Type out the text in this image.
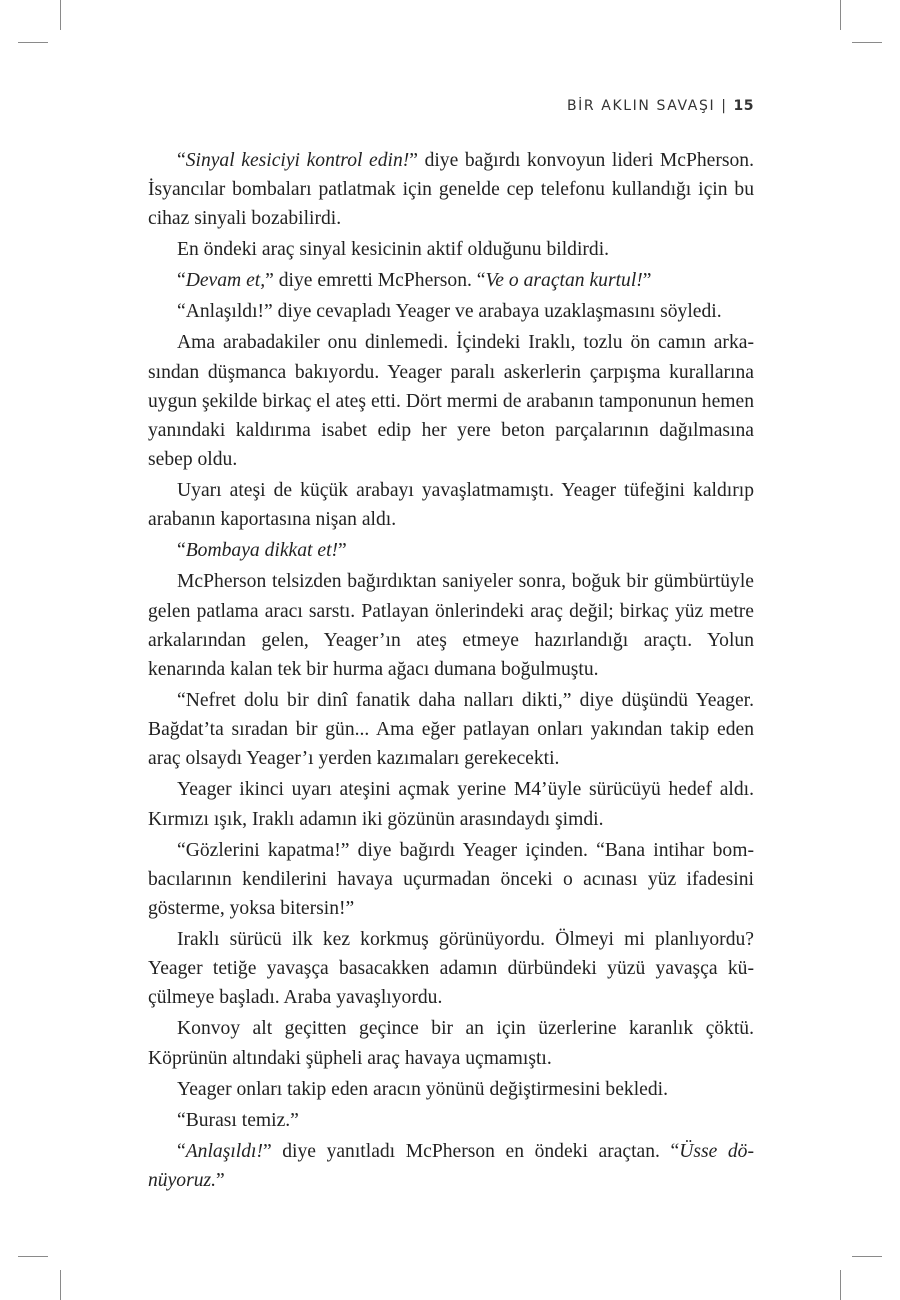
BİR AKLIN SAVAŞI | 15

“Sinyal kesiciyi kontrol edin!” diye bağırdı konvoyun lideri McPherson. İsyancılar bombaları patlatmak için genelde cep telefonu kullandığı için bu cihaz sinyali bozabilirdi.

En öndeki araç sinyal kesicinin aktif olduğunu bildirdi.

“Devam et,” diye emretti McPherson. “Ve o araçtan kurtul!”

“Anlaşıldı!” diye cevapladı Yeager ve arabaya uzaklaşmasını söyledi.

Ama arabadakiler onu dinlemedi. İçindeki Iraklı, tozlu ön camın arkasından düşmanca bakıyordu. Yeager paralı askerlerin çarpışma kurallarına uygun şekilde birkaç el ateş etti. Dört mermi de arabanın tamponunun hemen yanındaki kaldırıma isabet edip her yere beton parçalarının dağılmasına sebep oldu.

Uyarı ateşi de küçük arabayı yavaşlatmamıştı. Yeager tüfeğini kaldırıp arabanın kaportasına nişan aldı.

“Bombaya dikkat et!”

McPherson telsizden bağırdıktan saniyeler sonra, boğuk bir gümbürtüyle gelen patlama aracı sarstı. Patlayan önlerindeki araç değil; birkaç yüz metre arkalarından gelen, Yeager’ın ateş etmeye hazırlandığı araçtı. Yolun kenarında kalan tek bir hurma ağacı dumana boğulmuştu.

“Nefret dolu bir dinî fanatik daha nalları dikti,” diye düşündü Yeager. Bağdat’ta sıradan bir gün... Ama eğer patlayan onları yakından takip eden araç olsaydı Yeager’ı yerden kazımaları gerekecekti.

Yeager ikinci uyarı ateşini açmak yerine M4’üyle sürücüyü hedef aldı. Kırmızı ışık, Iraklı adamın iki gözünün arasındaydı şimdi.

“Gözlerini kapatma!” diye bağırdı Yeager içinden. “Bana intihar bombacılarının kendilerini havaya uçurmadan önceki o acınası yüz ifadesini gösterme, yoksa bitersin!”

Iraklı sürücü ilk kez korkmuş görünüyordu. Ölmeyi mi planlıyordu? Yeager tetiğe yavaşça basacakken adamın dürbündeki yüzü yavaşça küçülmeye başladı. Araba yavaşlıyordu.

Konvoy alt geçitten geçince bir an için üzerlerine karanlık çöktü. Köprünün altındaki şüpheli araç havaya uçmamıştı.

Yeager onları takip eden aracın yönünü değiştirmesini bekledi.

“Burası temiz.”

“Anlaşıldı!” diye yanıtladı McPherson en öndeki araçtan. “Üsse dönüyoruz.”
